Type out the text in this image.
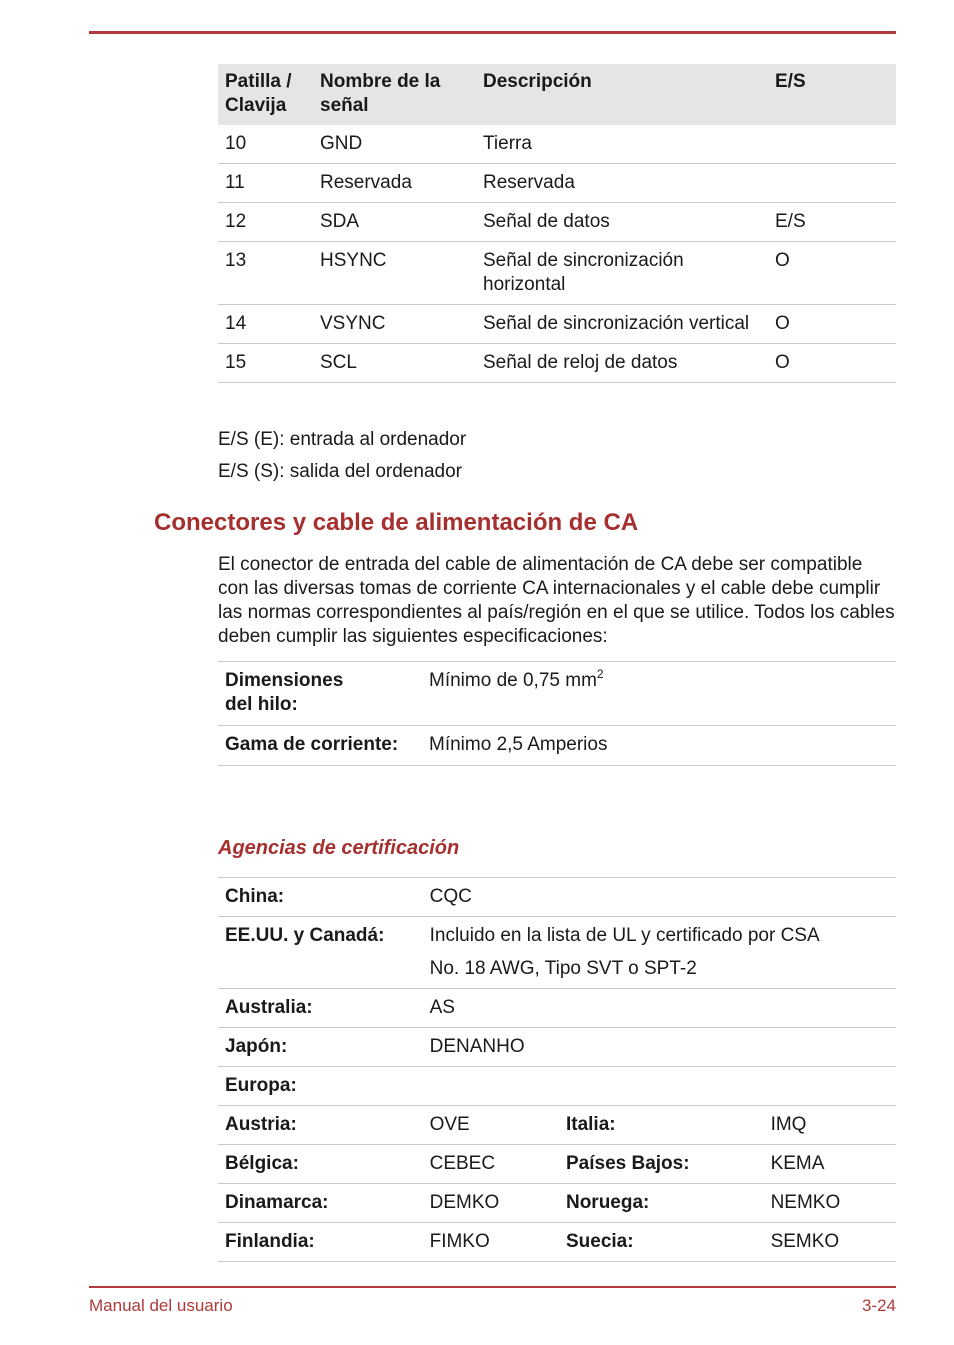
Patilla / Clavija	Nombre de la señal	Descripción	E/S
10	GND	Tierra	
11	Reservada	Reservada	
12	SDA	Señal de datos	E/S
13	HSYNC	Señal de sincronización horizontal	O
14	VSYNC	Señal de sincronización vertical	O
15	SCL	Señal de reloj de datos	O
E/S (E): entrada al ordenador
E/S (S): salida del ordenador
Conectores y cable de alimentación de CA
El conector de entrada del cable de alimentación de CA debe ser compatible con las diversas tomas de corriente CA internacionales y el cable debe cumplir las normas correspondientes al país/región en el que se utilice. Todos los cables deben cumplir las siguientes especificaciones:
Dimensiones del hilo:	Mínimo de 0,75 $mm^2$
Gama de corriente:	Mínimo 2,5 Amperios
Agencias de certificación
China:	CQC		
EE.UU. y Canadá:	Incluido en la lista de UL y certificado por CSA
No. 18 AWG, Tipo SVT o SPT-2		

Australia:	AS		
Japón:	DENANHO		
Europa:			
Austria:	OVE	Italia:	IMQ
Bélgica:	CEBEC	Países Bajos:	KEMA
Dinamarca:	DEMKO	Noruega:	NEMKO
Finlandia:	FIMKO	Suecia:	SEMKO
Manual del usuario	3-24
